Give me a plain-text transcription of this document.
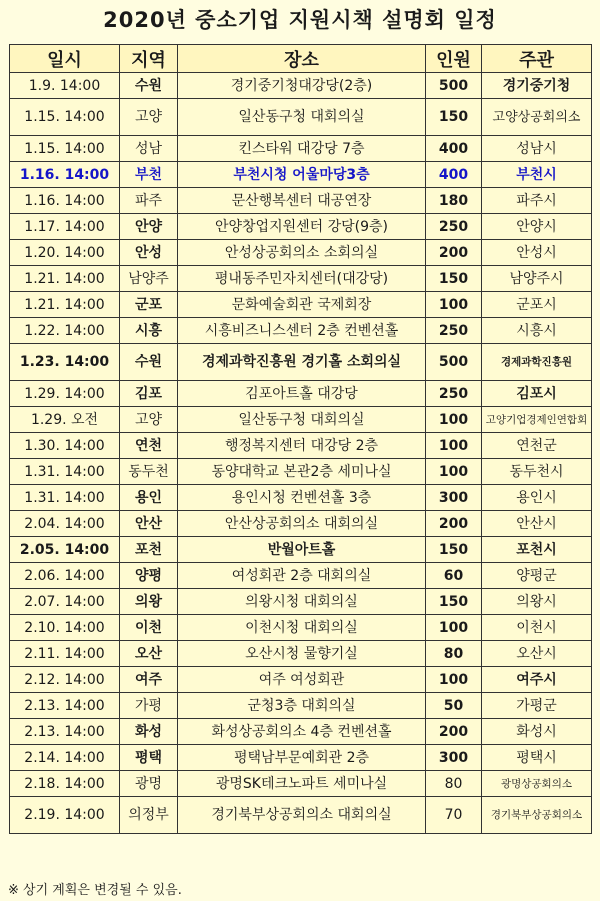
2020년 중소기업 지원시책 설명회 일정
일시	지역	장소	인원	주관
1.9. 14:00	수원	경기중기청대강당(2층)	500	경기중기청
1.15. 14:00	고양	일산동구청 대회의실	150	고양상공회의소
1.15. 14:00	성남	킨스타워 대강당 7층	400	성남시
1.16. 14:00	부천	부천시청 어울마당3층	400	부천시
1.16. 14:00	파주	문산행복센터 대공연장	180	파주시
1.17. 14:00	안양	안양창업지원센터 강당(9층)	250	안양시
1.20. 14:00	안성	안성상공회의소 소회의실	200	안성시
1.21. 14:00	남양주	평내동주민자치센터(대강당)	150	남양주시
1.21. 14:00	군포	문화예술회관 국제회장	100	군포시
1.22. 14:00	시흥	시흥비즈니스센터 2층 컨벤션홀	250	시흥시
1.23. 14:00	수원	경제과학진흥원 경기홀 소회의실	500	경제과학진흥원
1.29. 14:00	김포	김포아트홀 대강당	250	김포시
1.29. 오전	고양	일산동구청 대회의실	100	고양기업경제인연합회
1.30. 14:00	연천	행정복지센터 대강당 2층	100	연천군
1.31. 14:00	동두천	동양대학교 본관2층 세미나실	100	동두천시
1.31. 14:00	용인	용인시청 컨벤션홀 3층	300	용인시
2.04. 14:00	안산	안산상공회의소 대회의실	200	안산시
2.05. 14:00	포천	반월아트홀	150	포천시
2.06. 14:00	양평	여성회관 2층 대회의실	60	양평군
2.07. 14:00	의왕	의왕시청 대회의실	150	의왕시
2.10. 14:00	이천	이천시청 대회의실	100	이천시
2.11. 14:00	오산	오산시청 물향기실	80	오산시
2.12. 14:00	여주	여주 여성회관	100	여주시
2.13. 14:00	가평	군청3층 대회의실	50	가평군
2.13. 14:00	화성	화성상공회의소 4층 컨벤션홀	200	화성시
2.14. 14:00	평택	평택남부문예회관 2층	300	평택시
2.18. 14:00	광명	광명SK테크노파트 세미나실	80	광명상공회의소
2.19. 14:00	의정부	경기북부상공회의소 대회의실	70	경기북부상공회의소
※ 상기 계획은 변경될 수 있음.
